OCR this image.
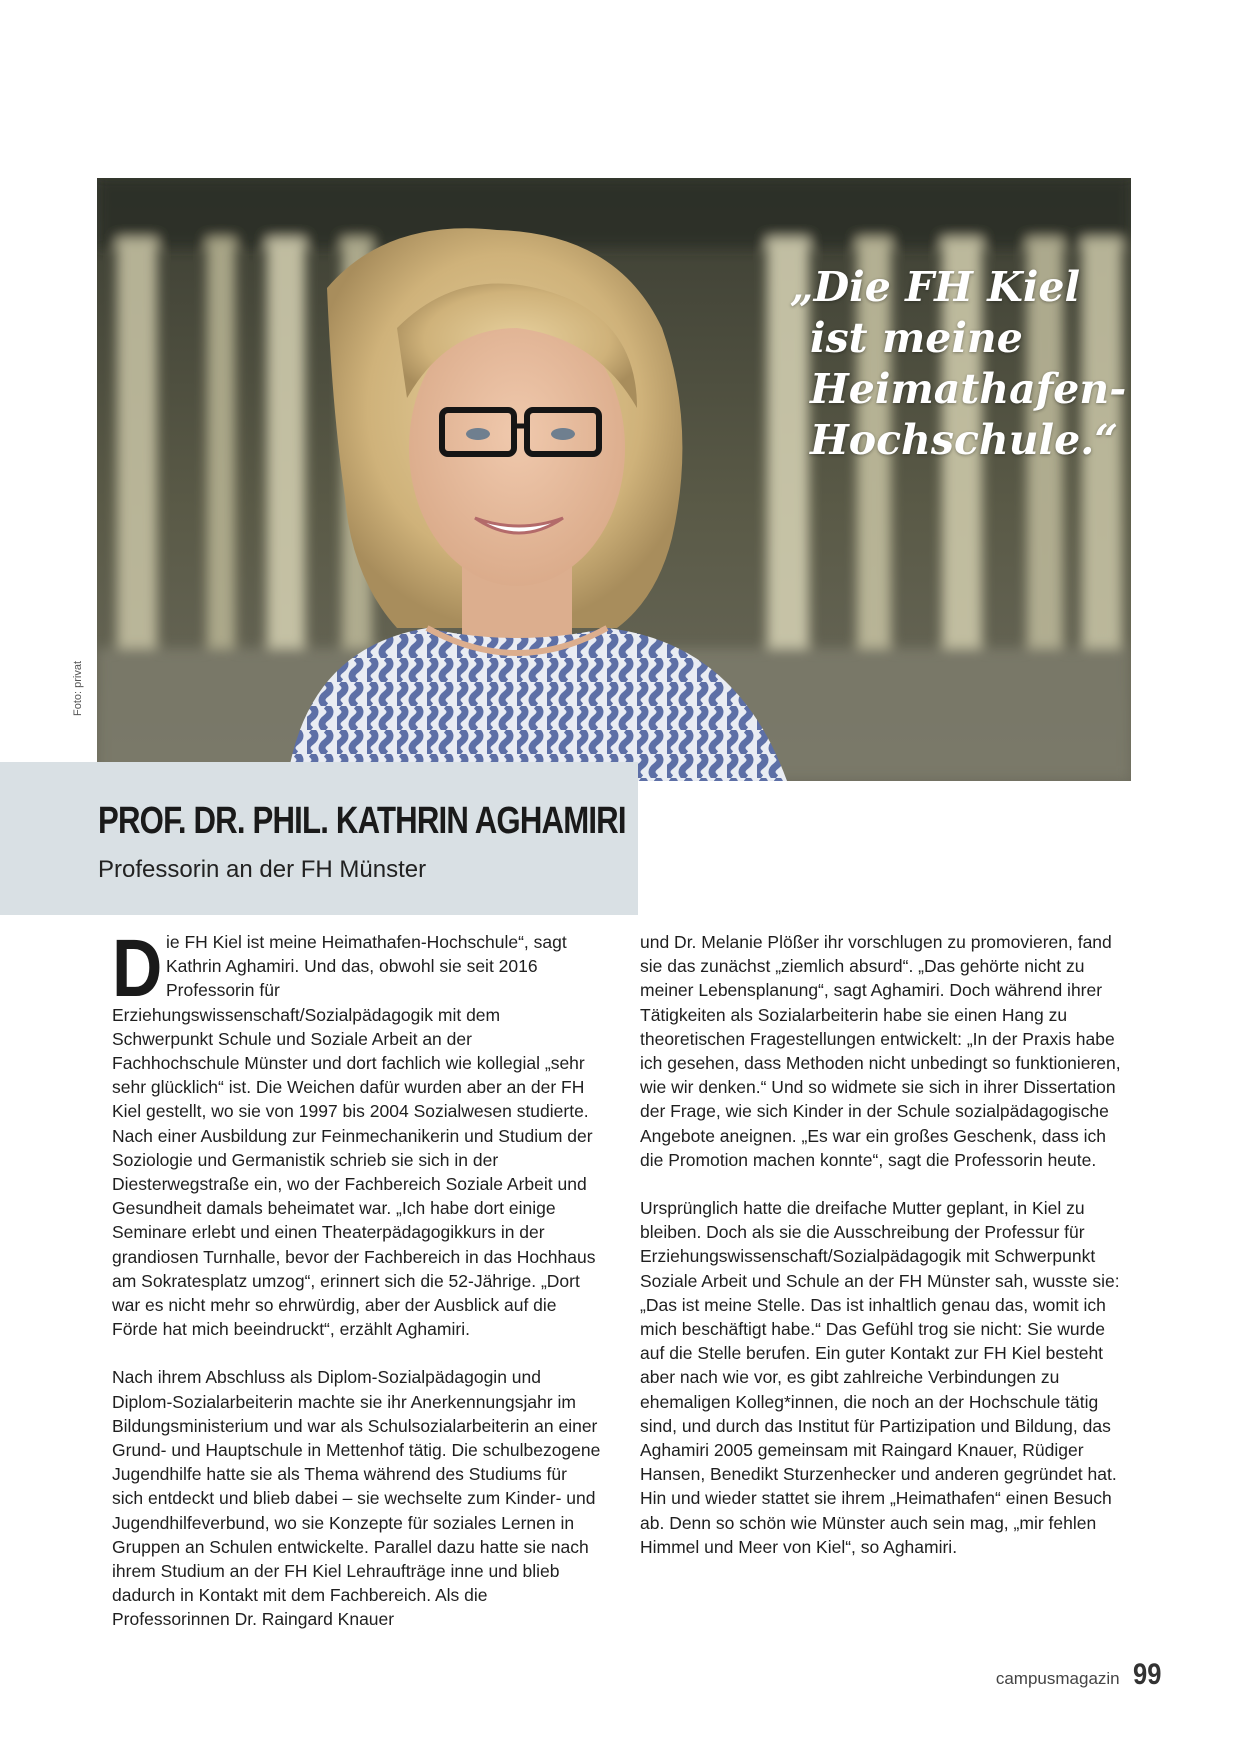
„Die FH Kiel
ist meine
Heimathafen-
Hochschule.“
Foto: privat
PROF. DR. PHIL. KATHRIN AGHAMIRI
Professorin an der FH Münster

Die FH Kiel ist meine Heimathafen-Hochschule“, sagt Kathrin Aghamiri. Und das, obwohl sie seit 2016 Professorin für Erziehungswissenschaft/Sozialpädagogik mit dem Schwerpunkt Schule und Soziale Arbeit an der Fachhochschule Münster und dort fachlich wie kollegial „sehr sehr glücklich“ ist. Die Weichen dafür wurden aber an der FH Kiel gestellt, wo sie von 1997 bis 2004 Sozialwesen studierte. Nach einer Ausbildung zur Feinmechanikerin und Studium der Soziologie und Germanistik schrieb sie sich in der Diesterwegstraße ein, wo der Fachbereich Soziale Arbeit und Gesundheit damals beheimatet war. „Ich habe dort einige Seminare erlebt und einen Theaterpädagogikkurs in der grandiosen Turnhalle, bevor der Fachbereich in das Hochhaus am Sokratesplatz umzog“, erinnert sich die 52-Jährige. „Dort war es nicht mehr so ehrwürdig, aber der Ausblick auf die Förde hat mich beeindruckt“, erzählt Aghamiri.

Nach ihrem Abschluss als Diplom-Sozialpädagogin und Diplom-Sozialarbeiterin machte sie ihr Anerkennungsjahr im Bildungsministerium und war als Schulsozialarbeiterin an einer Grund- und Hauptschule in Mettenhof tätig. Die schulbezogene Jugendhilfe hatte sie als Thema während des Studiums für sich entdeckt und blieb dabei – sie wechselte zum Kinder- und Jugendhilfeverbund, wo sie Konzepte für soziales Lernen in Gruppen an Schulen entwickelte. Parallel dazu hatte sie nach ihrem Studium an der FH Kiel Lehraufträge inne und blieb dadurch in Kontakt mit dem Fachbereich. Als die Professorinnen Dr. Raingard Knauer

und Dr. Melanie Plößer ihr vorschlugen zu promovieren, fand sie das zunächst „ziemlich absurd“. „Das gehörte nicht zu meiner Lebensplanung“, sagt Aghamiri. Doch während ihrer Tätigkeiten als Sozialarbeiterin habe sie einen Hang zu theoretischen Fragestellungen entwickelt: „In der Praxis habe ich gesehen, dass Methoden nicht unbedingt so funktionieren, wie wir denken.“ Und so widmete sie sich in ihrer Dissertation der Frage, wie sich Kinder in der Schule sozialpädagogische Angebote aneignen. „Es war ein großes Geschenk, dass ich die Promotion machen konnte“, sagt die Professorin heute.

Ursprünglich hatte die dreifache Mutter geplant, in Kiel zu bleiben. Doch als sie die Ausschreibung der Professur für Erziehungswissenschaft/Sozialpädagogik mit Schwerpunkt Soziale Arbeit und Schule an der FH Münster sah, wusste sie: „Das ist meine Stelle. Das ist inhaltlich genau das, womit ich mich beschäftigt habe.“ Das Gefühl trog sie nicht: Sie wurde auf die Stelle berufen. Ein guter Kontakt zur FH Kiel besteht aber nach wie vor, es gibt zahlreiche Verbindungen zu ehemaligen Kolleg*innen, die noch an der Hochschule tätig sind, und durch das Institut für Partizipation und Bildung, das Aghamiri 2005 gemeinsam mit Raingard Knauer, Rüdiger Hansen, Benedikt Sturzenhecker und anderen gegründet hat. Hin und wieder stattet sie ihrem „Heimathafen“ einen Besuch ab. Denn so schön wie Münster auch sein mag, „mir fehlen Himmel und Meer von Kiel“, so Aghamiri.

campusmagazin 99
